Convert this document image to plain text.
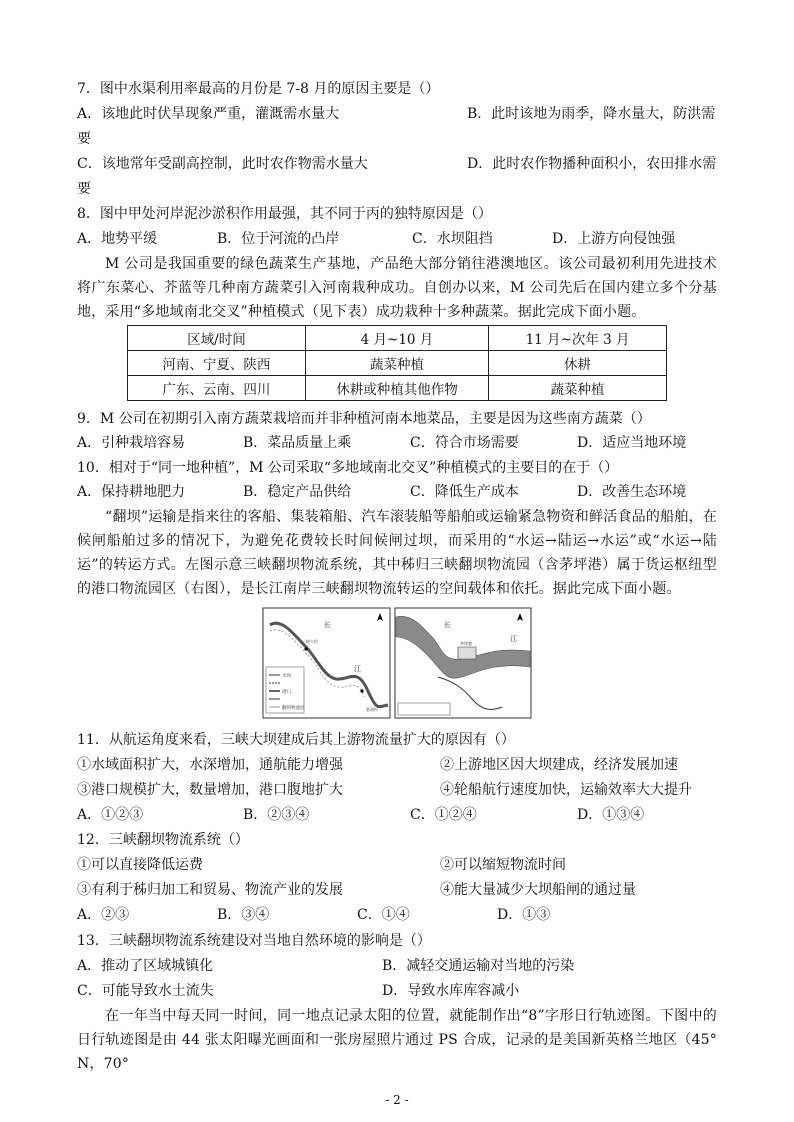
7．图中水渠利用率最高的月份是 7-8 月的原因主要是（）
A．该地此时伏旱现象严重，灌溉需水量大	B．此时该地为雨季，降水量大，防洪需
要
C．该地常年受副高控制，此时农作物需水量大	D．此时农作物播种面积小，农田排水需
要
8．图中甲处河岸泥沙淤积作用最强，其不同于丙的独特原因是（）
A．地势平缓	B．位于河流的凸岸	C．水坝阻挡	D．上游方向侵蚀强
M 公司是我国重要的绿色蔬菜生产基地，产品绝大部分销往港澳地区。该公司最初利用先进技术将广东菜心、芥蓝等几种南方蔬菜引入河南栽种成功。自创办以来，M 公司先后在国内建立多个分基地，采用“多地域南北交叉”种植模式（见下表）成功栽种十多种蔬菜。据此完成下面小题。
区域/时间	4 月~10 月	11 月~次年 3 月
河南、宁夏、陕西	蔬菜种植	休耕
广东、云南、四川	休耕或种植其他作物	蔬菜种植
9．M 公司在初期引入南方蔬菜栽培而并非种植河南本地菜品，主要是因为这些南方蔬菜（）
A．引种栽培容易	B．菜品质量上乘	C．符合市场需要	D．适应当地环境
10．相对于“同一地种植”，M 公司采取“多地域南北交叉”种植模式的主要目的在于（）
A．保持耕地肥力	B．稳定产品供给	C．降低生产成本	D．改善生态环境
“翻坝”运输是指来往的客船、集装箱船、汽车滚装船等船舶或运输紧急物资和鲜活食品的船舶，在候闸船舶过多的情况下，为避免花费较长时间候闸过坝，而采用的“水运→陆运→水运”或“水运→陆运”的转运方式。左图示意三峡翻坝物流系统，其中秭归三峡翻坝物流园（含茅坪港）属于货运枢纽型的港口物流园区（右图），是长江南岸三峡翻坝物流转运的空间载体和依托。据此完成下面小题。
水坝
港口
翻坝物流园
长
江
三峡大坝
葛洲坝
长
江
茅坪港
11．从航运角度来看，三峡大坝建成后其上游物流量扩大的原因有（）
①水域面积扩大，水深增加，通航能力增强	②上游地区因大坝建成，经济发展加速
③港口规模扩大，数量增加，港口腹地扩大	④轮船航行速度加快，运输效率大大提升
A．①②③	B．②③④	C．①②④	D．①③④
12．三峡翻坝物流系统（）
①可以直接降低运费	②可以缩短物流时间
③有利于秭归加工和贸易、物流产业的发展	④能大量减少大坝船闸的通过量
A．②③	B．③④	C．①④	D．①③
13．三峡翻坝物流系统建设对当地自然环境的影响是（）
A．推动了区域城镇化	B．减轻交通运输对当地的污染
C．可能导致水土流失	D．导致水库库容减小
在一年当中每天同一时间，同一地点记录太阳的位置，就能制作出“8”字形日行轨迹图。下图中的日行轨迹图是由 44 张太阳曝光画面和一张房屋照片通过 PS 合成，记录的是美国新英格兰地区（45° N，70°
- 2 -
